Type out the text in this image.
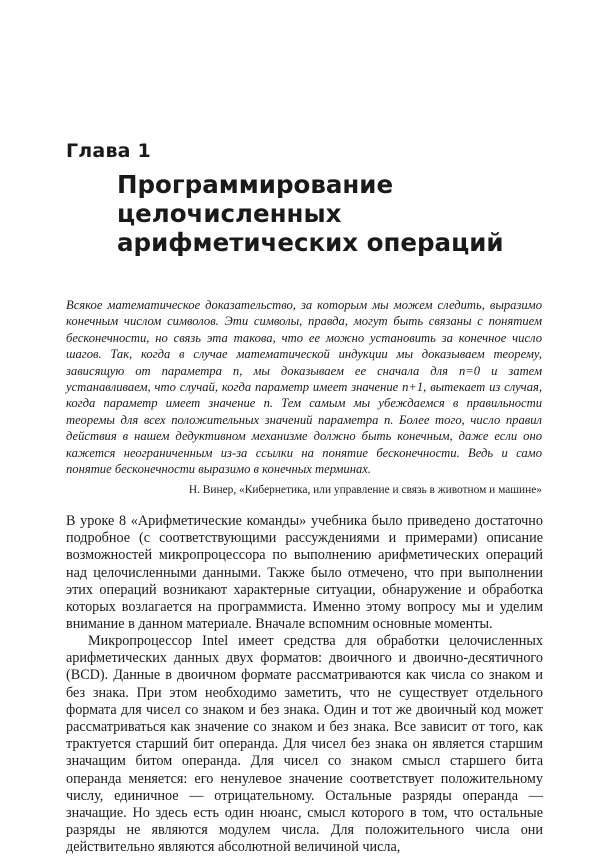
Глава 1
Программирование
целочисленных
арифметических операций

Всякое математическое доказательство, за которым мы можем следить, выразимо конечным числом символов. Эти символы, правда, могут быть связаны с понятием бесконечности, но связь эта такова, что ее можно установить за конечное число шагов. Так, когда в случае математической индукции мы доказываем теорему, зависящую от параметра n, мы доказываем ее сначала для n=0 и затем устанавливаем, что случай, когда параметр имеет значение n+1, вытекает из случая, когда параметр имеет значение n. Тем самым мы убеждаемся в правильности теоремы для всех положительных значений параметра n. Более того, число правил действия в нашем дедуктивном механизме должно быть конечным, даже если оно кажется неограниченным из-за ссылки на понятие бесконечности. Ведь и само понятие бесконечности выразимо в конечных терминах.

Н. Винер, «Кибернетика, или управление и связь в животном и машине»

В уроке 8 «Арифметические команды» учебника было приведено достаточно подробное (с соответствующими рассуждениями и примерами) описание возможностей микропроцессора по выполнению арифметических операций над целочисленными данными. Также было отмечено, что при выполнении этих операций возникают характерные ситуации, обнаружение и обработка которых возлагается на программиста. Именно этому вопросу мы и уделим внимание в данном материале. Вначале вспомним основные моменты.

Микропроцессор Intel имеет средства для обработки целочисленных арифметических данных двух форматов: двоичного и двоично-десятичного (BCD). Данные в двоичном формате рассматриваются как числа со знаком и без знака. При этом необходимо заметить, что не существует отдельного формата для чисел со знаком и без знака. Один и тот же двоичный код может рассматриваться как значение со знаком и без знака. Все зависит от того, как трактуется старший бит операнда. Для чисел без знака он является старшим значащим битом операнда. Для чисел со знаком смысл старшего бита операнда меняется: его ненулевое значение соответствует положительному числу, единичное — отрицательному. Остальные разряды операнда — значащие. Но здесь есть один нюанс, смысл которого в том, что остальные разряды не являются модулем числа. Для положительного числа они действительно являются абсолютной величиной числа,
